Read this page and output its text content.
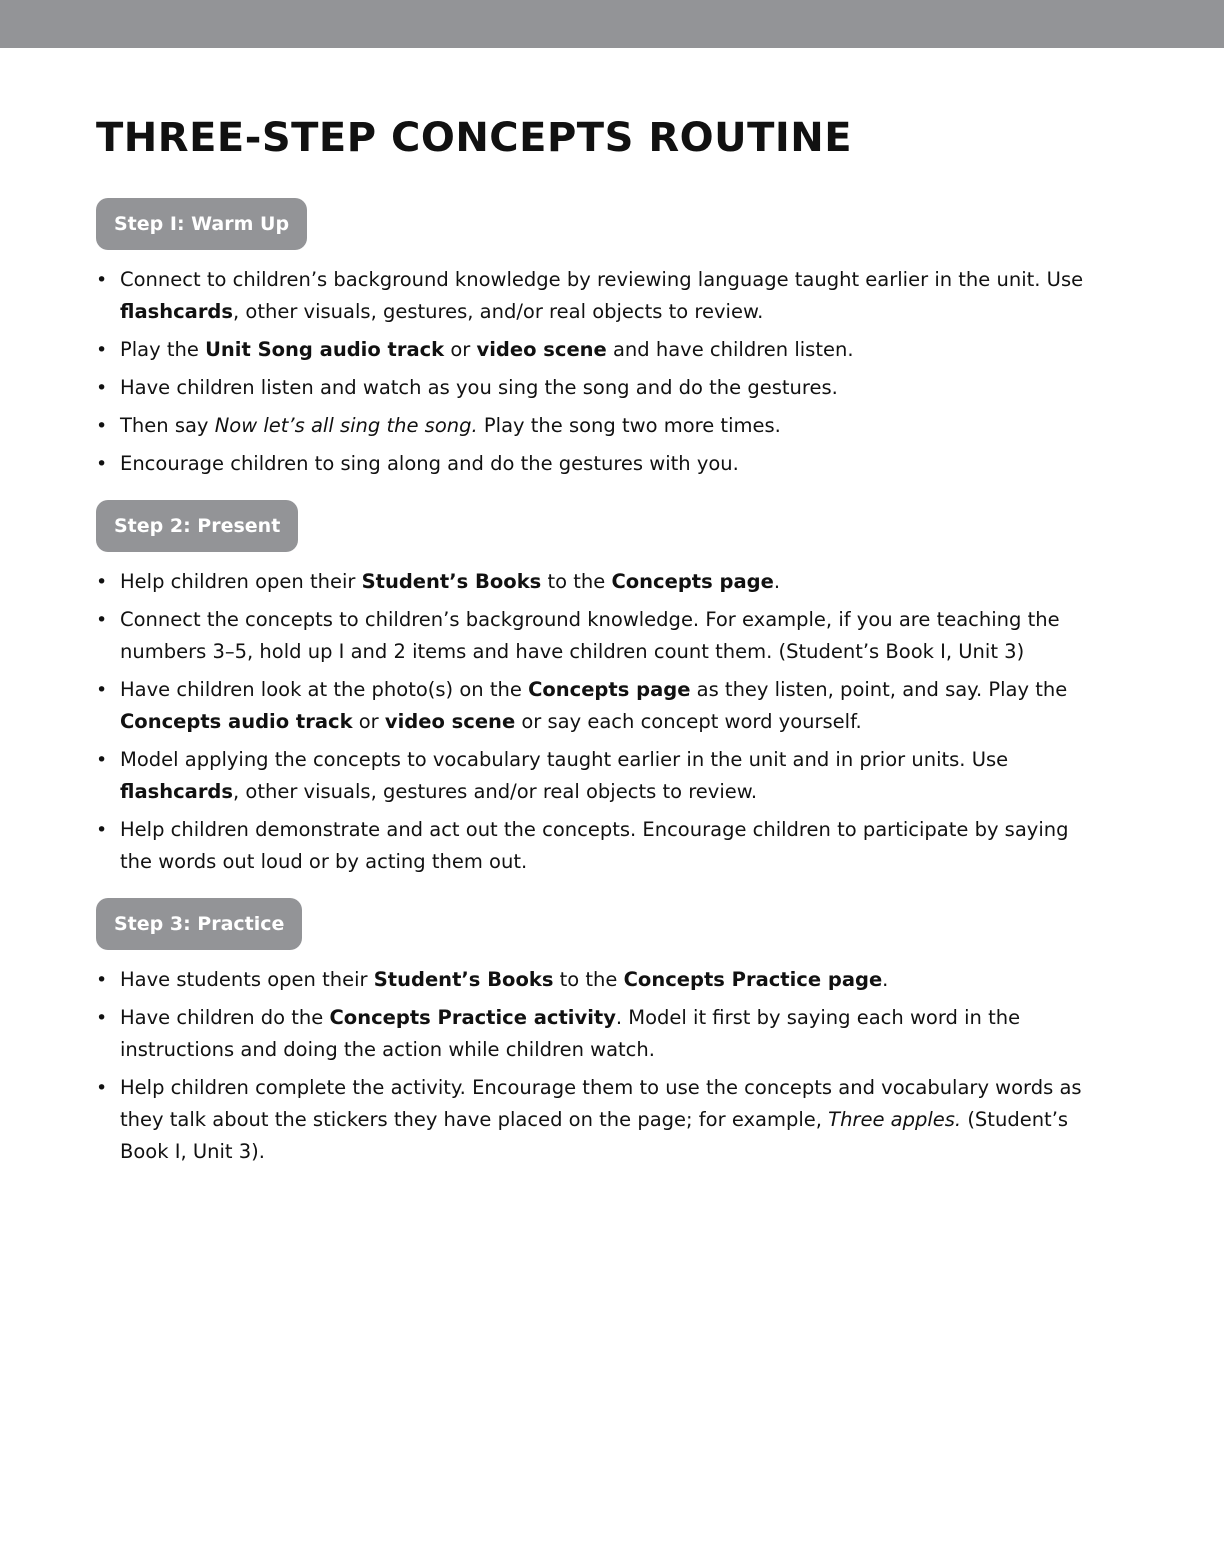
THREE-STEP CONCEPTS ROUTINE
Step I: Warm Up
• Connect to children’s background knowledge by reviewing language taught earlier in the unit. Use flashcards, other visuals, gestures, and/or real objects to review.
• Play the Unit Song audio track or video scene and have children listen.
• Have children listen and watch as you sing the song and do the gestures.
• Then say Now let’s all sing the song. Play the song two more times.
• Encourage children to sing along and do the gestures with you.
Step 2: Present
• Help children open their Student’s Books to the Concepts page.
• Connect the concepts to children’s background knowledge. For example, if you are teaching the numbers 3–5, hold up I and 2 items and have children count them. (Student’s Book I, Unit 3)
• Have children look at the photo(s) on the Concepts page as they listen, point, and say. Play the Concepts audio track or video scene or say each concept word yourself.
• Model applying the concepts to vocabulary taught earlier in the unit and in prior units. Use flashcards, other visuals, gestures and/or real objects to review.
• Help children demonstrate and act out the concepts. Encourage children to participate by saying the words out loud or by acting them out.
Step 3: Practice
• Have students open their Student’s Books to the Concepts Practice page.
• Have children do the Concepts Practice activity. Model it first by saying each word in the instructions and doing the action while children watch.
• Help children complete the activity. Encourage them to use the concepts and vocabulary words as they talk about the stickers they have placed on the page; for example, Three apples. (Student’s Book I, Unit 3).
